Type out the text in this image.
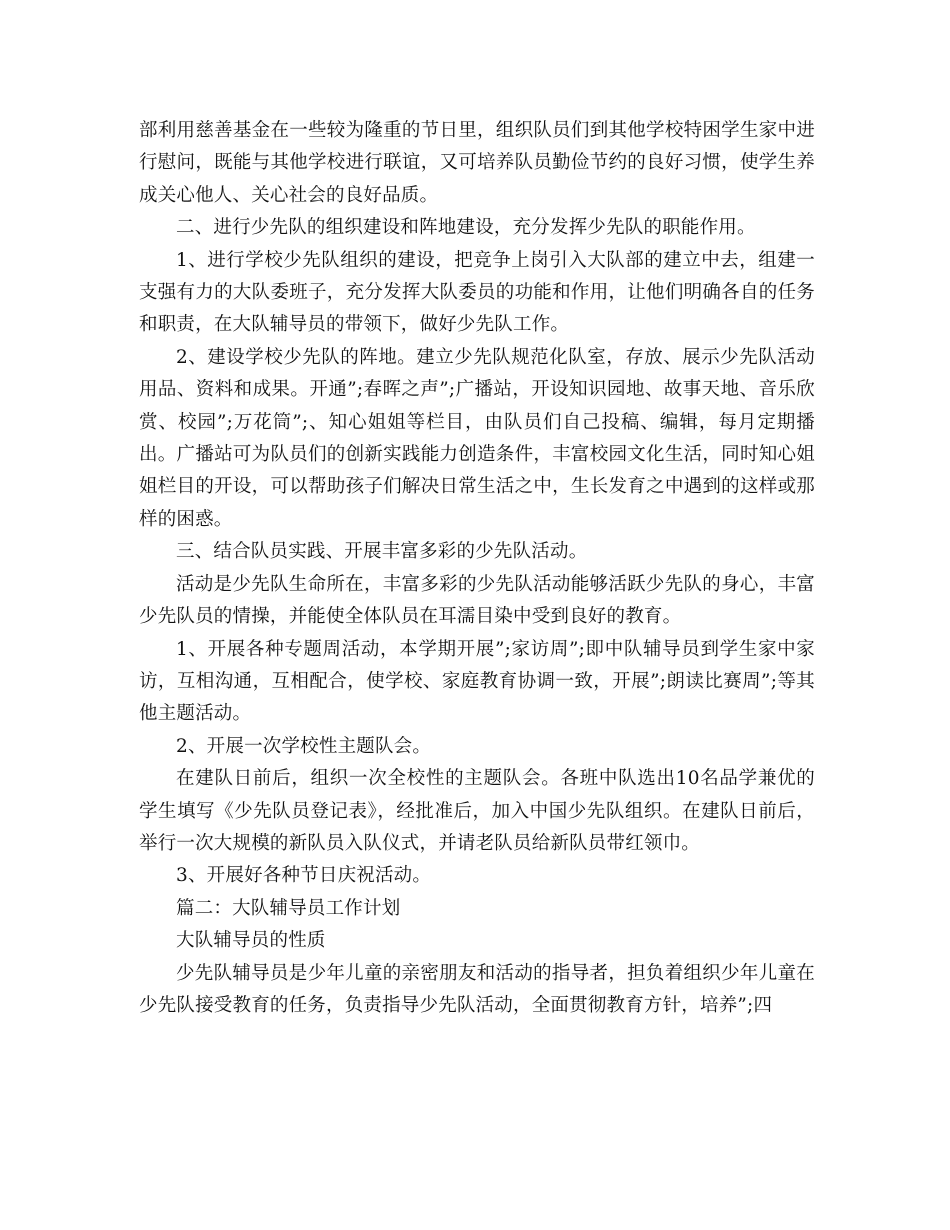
部利用慈善基金在一些较为隆重的节日里，组织队员们到其他学校特困学生家中进行慰问，既能与其他学校进行联谊，又可培养队员勤俭节约的良好习惯，使学生养成关心他人、关心社会的良好品质。

二、进行少先队的组织建设和阵地建设，充分发挥少先队的职能作用。

1、进行学校少先队组织的建设，把竞争上岗引入大队部的建立中去，组建一支强有力的大队委班子，充分发挥大队委员的功能和作用，让他们明确各自的任务和职责，在大队辅导员的带领下，做好少先队工作。

2、建设学校少先队的阵地。建立少先队规范化队室，存放、展示少先队活动用品、资料和成果。开通”;春晖之声”;广播站，开设知识园地、故事天地、音乐欣赏、校园”;万花筒”;、知心姐姐等栏目，由队员们自己投稿、编辑，每月定期播出。广播站可为队员们的创新实践能力创造条件，丰富校园文化生活，同时知心姐姐栏目的开设，可以帮助孩子们解决日常生活之中，生长发育之中遇到的这样或那样的困惑。

三、结合队员实践、开展丰富多彩的少先队活动。

活动是少先队生命所在，丰富多彩的少先队活动能够活跃少先队的身心，丰富少先队员的情操，并能使全体队员在耳濡目染中受到良好的教育。

1、开展各种专题周活动，本学期开展”;家访周”;即中队辅导员到学生家中家访，互相沟通，互相配合，使学校、家庭教育协调一致，开展”;朗读比赛周”;等其他主题活动。

2、开展一次学校性主题队会。

在建队日前后，组织一次全校性的主题队会。各班中队选出10名品学兼优的学生填写《少先队员登记表》，经批准后，加入中国少先队组织。在建队日前后，举行一次大规模的新队员入队仪式，并请老队员给新队员带红领巾。

3、开展好各种节日庆祝活动。

篇二：大队辅导员工作计划

大队辅导员的性质

少先队辅导员是少年儿童的亲密朋友和活动的指导者，担负着组织少年儿童在少先队接受教育的任务，负责指导少先队活动，全面贯彻教育方针，培养”;四
